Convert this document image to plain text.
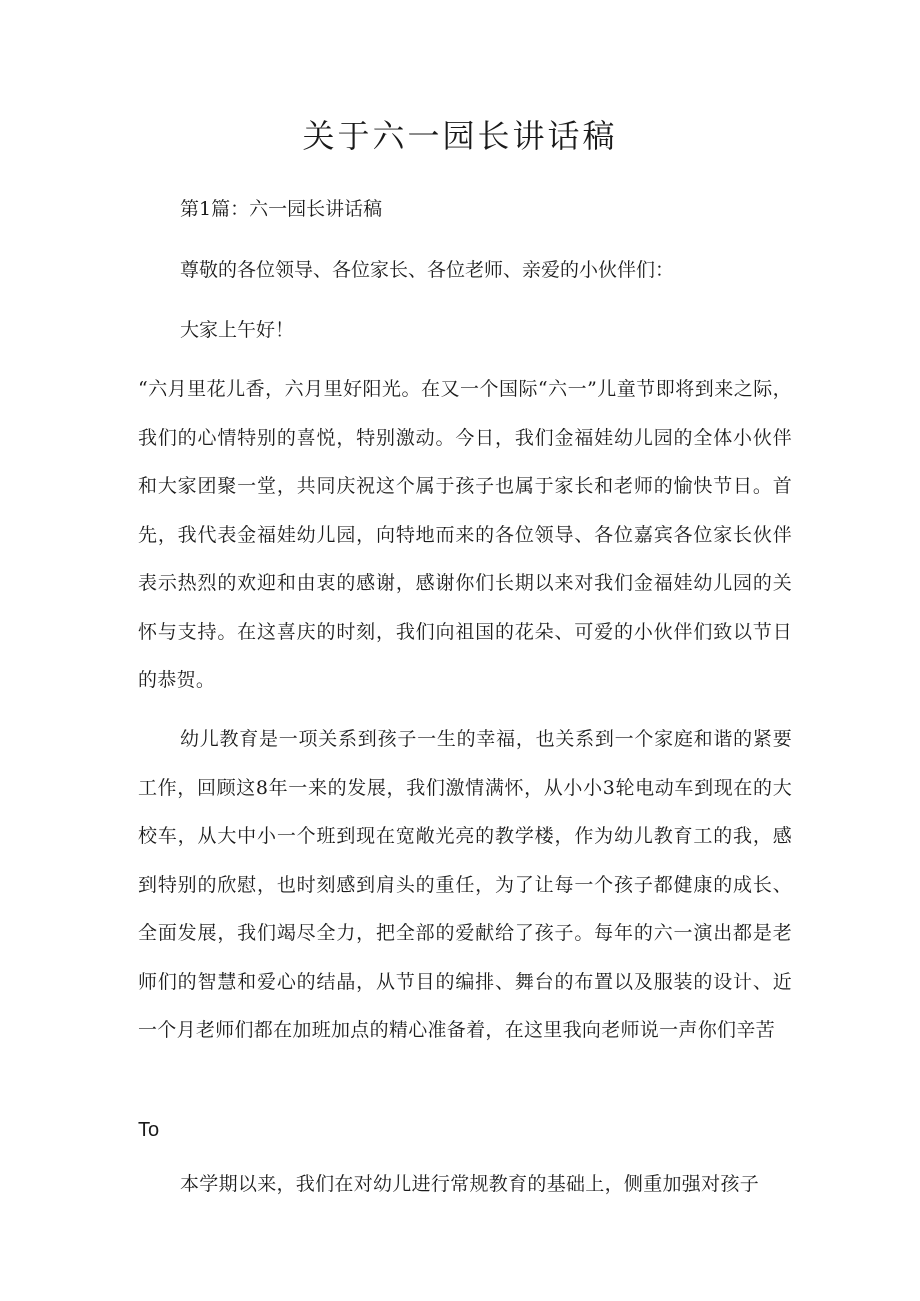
关于六一园长讲话稿

第1篇：六一园长讲话稿

尊敬的各位领导、各位家长、各位老师、亲爱的小伙伴们：

大家上午好！

“六月里花儿香，六月里好阳光。在又一个国际“六一”儿童节即将到来之际，我们的心情特别的喜悦，特别激动。今日，我们金福娃幼儿园的全体小伙伴和大家团聚一堂，共同庆祝这个属于孩子也属于家长和老师的愉快节日。首先，我代表金福娃幼儿园，向特地而来的各位领导、各位嘉宾各位家长伙伴表示热烈的欢迎和由衷的感谢，感谢你们长期以来对我们金福娃幼儿园的关怀与支持。在这喜庆的时刻，我们向祖国的花朵、可爱的小伙伴们致以节日的恭贺。

幼儿教育是一项关系到孩子一生的幸福，也关系到一个家庭和谐的紧要工作，回顾这8年一来的发展，我们激情满怀，从小小3轮电动车到现在的大校车，从大中小一个班到现在宽敞光亮的教学楼，作为幼儿教育工的我，感到特别的欣慰，也时刻感到肩头的重任，为了让每一个孩子都健康的成长、全面发展，我们竭尽全力，把全部的爱献给了孩子。每年的六一演出都是老师们的智慧和爱心的结晶，从节目的编排、舞台的布置以及服装的设计、近一个月老师们都在加班加点的精心准备着，在这里我向老师说一声你们辛苦

To

本学期以来，我们在对幼儿进行常规教育的基础上，侧重加强对孩子
